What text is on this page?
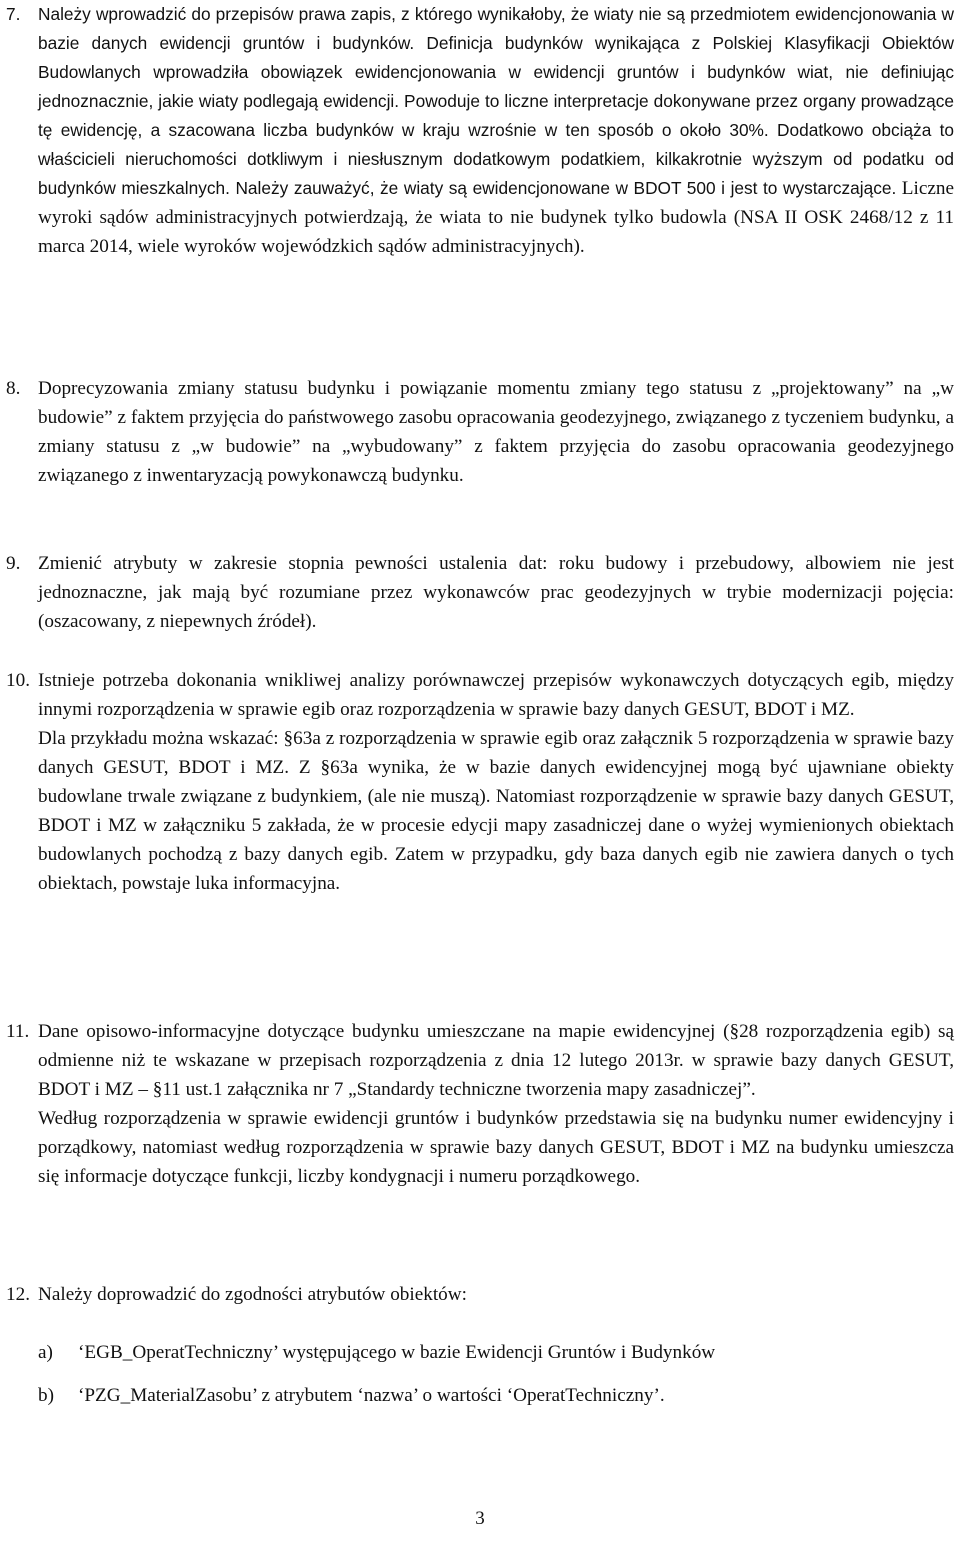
7. Należy wprowadzić do przepisów prawa zapis, z którego wynikałoby, że wiaty nie są przedmiotem ewidencjonowania w bazie danych ewidencji gruntów i budynków. Definicja budynków wynikająca z Polskiej Klasyfikacji Obiektów Budowlanych wprowadziła obowiązek ewidencjonowania w ewidencji gruntów i budynków wiat, nie definiując jednoznacznie, jakie wiaty podlegają ewidencji. Powoduje to liczne interpretacje dokonywane przez organy prowadzące tę ewidencję, a szacowana liczba budynków w kraju wzrośnie w ten sposób o około 30%. Dodatkowo obciąża to właścicieli nieruchomości dotkliwym i niesłusznym dodatkowym podatkiem, kilkakrotnie wyższym od podatku od budynków mieszkalnych. Należy zauważyć, że wiaty są ewidencjonowane w BDOT 500 i jest to wystarczające. Liczne wyroki sądów administracyjnych potwierdzają, że wiata to nie budynek tylko budowla (NSA II OSK 2468/12 z 11 marca 2014, wiele wyroków wojewódzkich sądów administracyjnych).
8. Doprecyzowania zmiany statusu budynku i powiązanie momentu zmiany tego statusu z „projektowany” na „w budowie” z faktem przyjęcia do państwowego zasobu opracowania geodezyjnego, związanego z tyczeniem budynku, a zmiany statusu z „w budowie” na „wybudowany” z faktem przyjęcia do zasobu opracowania geodezyjnego związanego z inwentaryzacją powykonawczą budynku.
9. Zmienić atrybuty w zakresie stopnia pewności ustalenia dat: roku budowy i przebudowy, albowiem nie jest jednoznaczne, jak mają być rozumiane przez wykonawców prac geodezyjnych w trybie modernizacji pojęcia: (oszacowany, z niepewnych źródeł).
10. Istnieje potrzeba dokonania wnikliwej analizy porównawczej przepisów wykonawczych dotyczących egib, między innymi rozporządzenia w sprawie egib oraz rozporządzenia w sprawie bazy danych GESUT, BDOT i MZ.

Dla przykładu można wskazać: §63a z rozporządzenia w sprawie egib oraz załącznik 5 rozporządzenia w sprawie bazy danych GESUT, BDOT i MZ. Z §63a wynika, że w bazie danych ewidencyjnej mogą być ujawniane obiekty budowlane trwale związane z budynkiem, (ale nie muszą). Natomiast rozporządzenie w sprawie bazy danych GESUT, BDOT i MZ w załączniku 5 zakłada, że w procesie edycji mapy zasadniczej dane o wyżej wymienionych obiektach budowlanych pochodzą z bazy danych egib. Zatem w przypadku, gdy baza danych egib nie zawiera danych o tych obiektach, powstaje luka informacyjna.

11. Dane opisowo-informacyjne dotyczące budynku umieszczane na mapie ewidencyjnej (§28 rozporządzenia egib) są odmienne niż te wskazane w przepisach rozporządzenia z dnia 12 lutego 2013r. w sprawie bazy danych GESUT, BDOT i MZ – §11 ust.1 załącznika nr 7 „Standardy techniczne tworzenia mapy zasadniczej”.

Według rozporządzenia w sprawie ewidencji gruntów i budynków przedstawia się na budynku numer ewidencyjny i porządkowy, natomiast według rozporządzenia w sprawie bazy danych GESUT, BDOT i MZ na budynku umieszcza się informacje dotyczące funkcji, liczby kondygnacji i numeru porządkowego.

12. Należy doprowadzić do zgodności atrybutów obiektów:
a) ‘EGB_OperatTechniczny’ występującego w bazie Ewidencji Gruntów i Budynków
b) ‘PZG_MaterialZasobu’ z atrybutem ‘nazwa’ o wartości ‘OperatTechniczny’.
3
